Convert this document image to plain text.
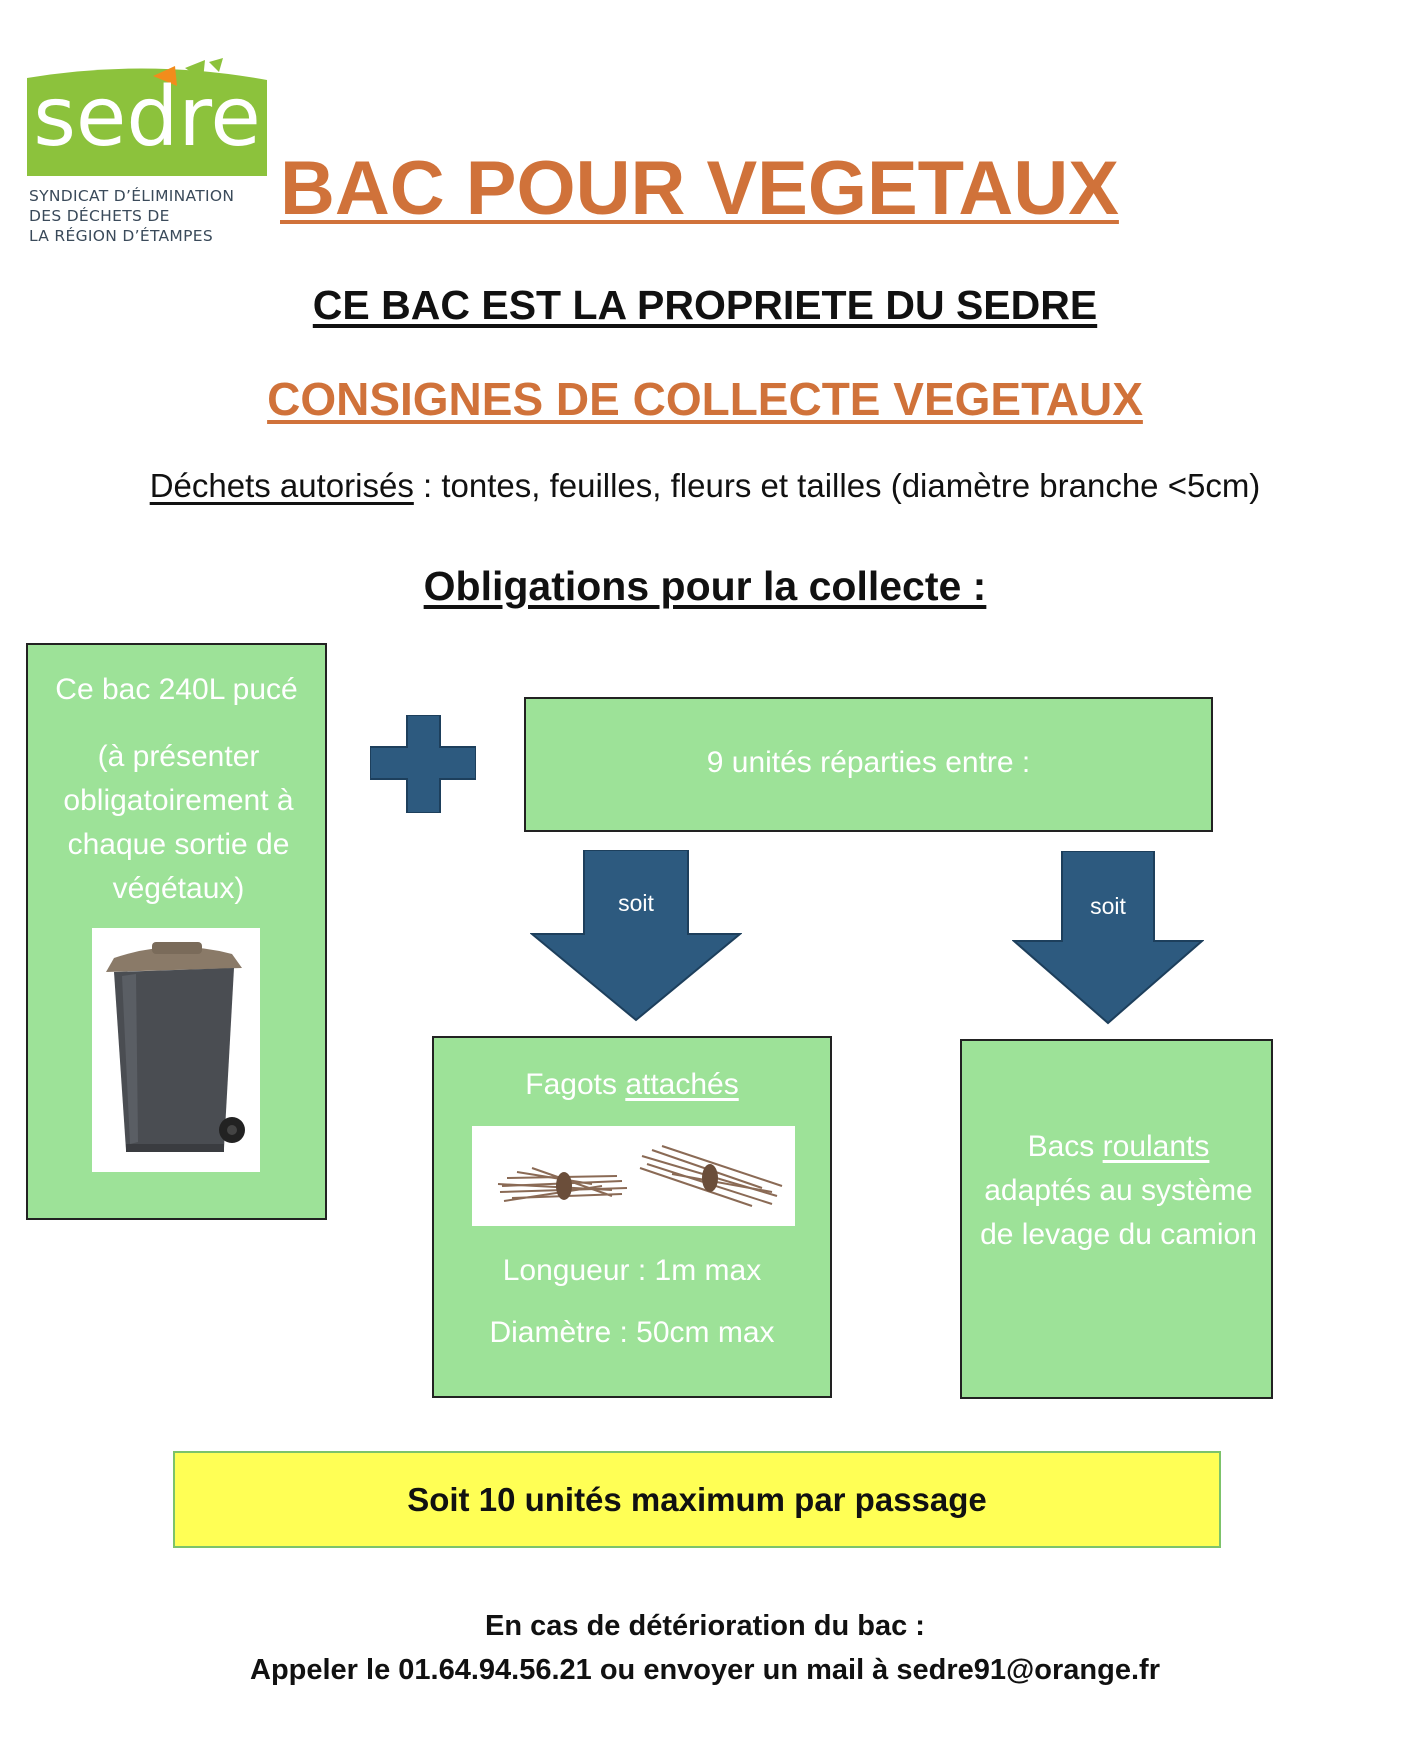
sedre
SYNDICAT D’ÉLIMINATION
DES DÉCHETS DE
LA RÉGION D’ÉTAMPES
BAC POUR VEGETAUX
CE BAC EST LA PROPRIETE DU SEDRE
CONSIGNES DE COLLECTE VEGETAUX
Déchets autorisés : tontes, feuilles, fleurs et tailles (diamètre branche <5cm)
Obligations pour la collecte :
Ce bac 240L pucé
(à présenter obligatoirement à chaque sortie de végétaux)
9 unités réparties entre :
soit	soit
Fagots attachés
Longueur : 1m max
Diamètre : 50cm max
Bacs roulants adaptés au système de levage du camion
Soit 10 unités maximum par passage
En cas de détérioration du bac :
Appeler le 01.64.94.56.21 ou envoyer un mail à sedre91@orange.fr
